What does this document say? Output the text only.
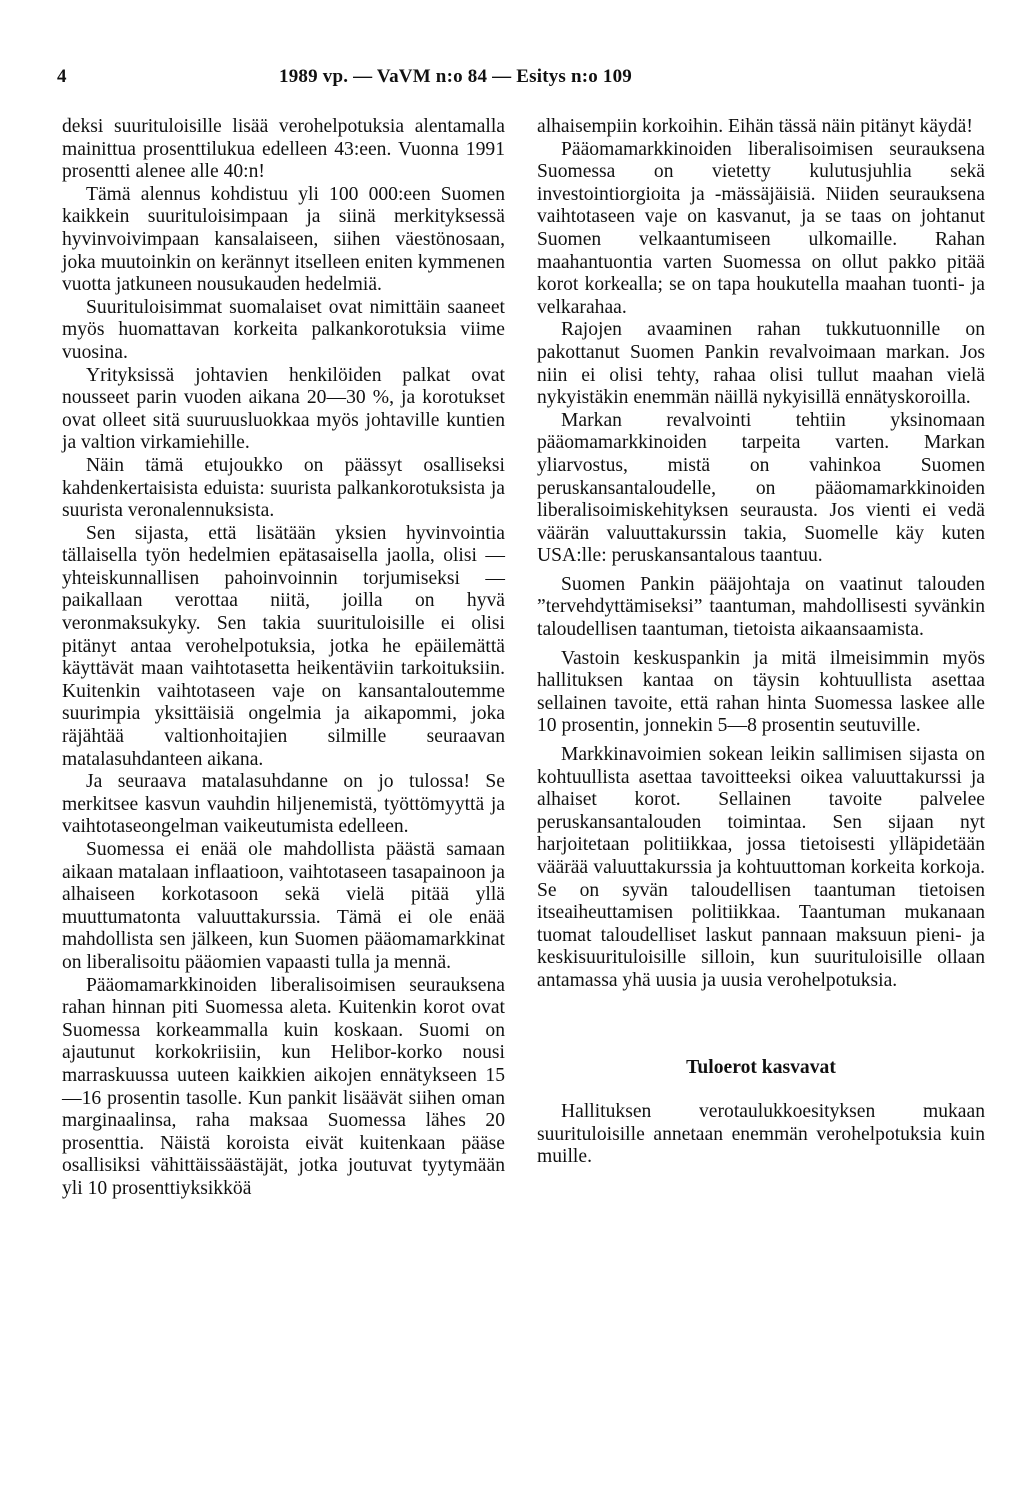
4	1989 vp. — VaVM n:o 84 — Esitys n:o 109

deksi suurituloisille lisää verohelpotuksia alentamalla mainittua prosenttilukua edelleen 43:een. Vuonna 1991 prosentti alenee alle 40:n!

Tämä alennus kohdistuu yli 100 000:een Suomen kaikkein suurituloisimpaan ja siinä merkityksessä hyvinvoivimpaan kansalaiseen, siihen väestönosaan, joka muutoinkin on kerännyt itselleen eniten kymmenen vuotta jatkuneen nousukauden hedelmiä.

Suurituloisimmat suomalaiset ovat nimittäin saaneet myös huomattavan korkeita palkankorotuksia viime vuosina.

Yrityksissä johtavien henkilöiden palkat ovat nousseet parin vuoden aikana 20—30 %, ja korotukset ovat olleet sitä suuruusluokkaa myös johtaville kuntien ja valtion virkamiehille.

Näin tämä etujoukko on päässyt osalliseksi kahdenkertaisista eduista: suurista palkankorotuksista ja suurista veronalennuksista.

Sen sijasta, että lisätään yksien hyvinvointia tällaisella työn hedelmien epätasaisella jaolla, olisi — yhteiskunnallisen pahoinvoinnin torjumiseksi — paikallaan verottaa niitä, joilla on hyvä veronmaksukyky. Sen takia suurituloisille ei olisi pitänyt antaa verohelpotuksia, jotka he epäilemättä käyttävät maan vaihtotasetta heikentäviin tarkoituksiin. Kuitenkin vaihtotaseen vaje on kansantaloutemme suurimpia yksittäisiä ongelmia ja aikapommi, joka räjähtää valtionhoitajien silmille seuraavan matalasuhdanteen aikana.

Ja seuraava matalasuhdanne on jo tulossa! Se merkitsee kasvun vauhdin hiljenemistä, työttömyyttä ja vaihtotaseongelman vaikeutumista edelleen.

Suomessa ei enää ole mahdollista päästä samaan aikaan matalaan inflaatioon, vaihtotaseen tasapainoon ja alhaiseen korkotasoon sekä vielä pitää yllä muuttumatonta valuuttakurssia. Tämä ei ole enää mahdollista sen jälkeen, kun Suomen pääomamarkkinat on liberalisoitu pääomien vapaasti tulla ja mennä.

Pääomamarkkinoiden liberalisoimisen seurauksena rahan hinnan piti Suomessa aleta. Kuitenkin korot ovat Suomessa korkeammalla kuin koskaan. Suomi on ajautunut korkokriisiin, kun Helibor-korko nousi marraskuussa uuteen kaikkien aikojen ennätykseen 15—16 prosentin tasolle. Kun pankit lisäävät siihen oman marginaalinsa, raha maksaa Suomessa lähes 20 prosenttia. Näistä koroista eivät kuitenkaan pääse osallisiksi vähittäissäästäjät, jotka joutuvat tyytymään yli 10 prosenttiyksikköä

alhaisempiin korkoihin. Eihän tässä näin pitänyt käydä!

Pääomamarkkinoiden liberalisoimisen seurauksena Suomessa on vietetty kulutusjuhlia sekä investointiorgioita ja -mässäjäisiä. Niiden seurauksena vaihtotaseen vaje on kasvanut, ja se taas on johtanut Suomen velkaantumiseen ulkomaille. Rahan maahantuontia varten Suomessa on ollut pakko pitää korot korkealla; se on tapa houkutella maahan tuonti- ja velkarahaa.

Rajojen avaaminen rahan tukkutuonnille on pakottanut Suomen Pankin revalvoimaan markan. Jos niin ei olisi tehty, rahaa olisi tullut maahan vielä nykyistäkin enemmän näillä nykyisillä ennätyskoroilla.

Markan revalvointi tehtiin yksinomaan pääomamarkkinoiden tarpeita varten. Markan yliarvostus, mistä on vahinkoa Suomen peruskansantaloudelle, on pääomamarkkinoiden liberalisoimiskehityksen seurausta. Jos vienti ei vedä väärän valuuttakurssin takia, Suomelle käy kuten USA:lle: peruskansantalous taantuu.

Suomen Pankin pääjohtaja on vaatinut talouden ”tervehdyttämiseksi” taantuman, mahdollisesti syvänkin taloudellisen taantuman, tietoista aikaansaamista.

Vastoin keskuspankin ja mitä ilmeisimmin myös hallituksen kantaa on täysin kohtuullista asettaa sellainen tavoite, että rahan hinta Suomessa laskee alle 10 prosentin, jonnekin 5—8 prosentin seutuville.

Markkinavoimien sokean leikin sallimisen sijasta on kohtuullista asettaa tavoitteeksi oikea valuuttakurssi ja alhaiset korot. Sellainen tavoite palvelee peruskansantalouden toimintaa. Sen sijaan nyt harjoitetaan politiikkaa, jossa tietoisesti ylläpidetään väärää valuuttakurssia ja kohtuuttoman korkeita korkoja. Se on syvän taloudellisen taantuman tietoisen itseaiheuttamisen politiikkaa. Taantuman mukanaan tuomat taloudelliset laskut pannaan maksuun pieni- ja keskisuurituloisille silloin, kun suurituloisille ollaan antamassa yhä uusia ja uusia verohelpotuksia.

Tuloerot kasvavat

Hallituksen verotaulukkoesityksen mukaan suurituloisille annetaan enemmän verohelpotuksia kuin muille.
